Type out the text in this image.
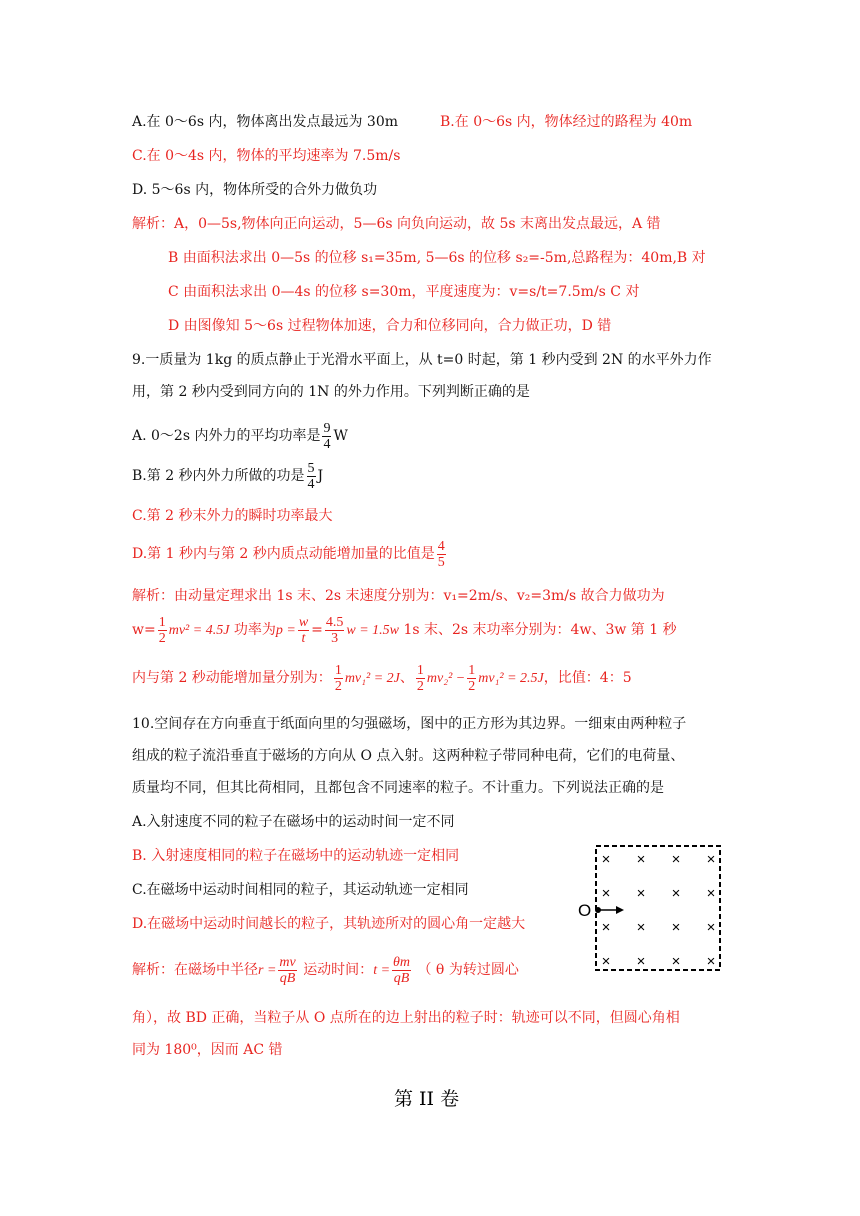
A.在 0～6s 内，物体离出发点最远为 30m	B.在 0～6s 内，物体经过的路程为 40m
C.在 0～4s 内，物体的平均速率为 7.5m/s
D. 5～6s 内，物体所受的合外力做负功
解析：A，0—5s,物体向正向运动，5—6s 向负向运动，故 5s 末离出发点最远，A 错
B 由面积法求出 0—5s 的位移 s₁=35m, 5—6s 的位移 s₂=-5m,总路程为：40m,B 对
C 由面积法求出 0—4s 的位移 s=30m，平度速度为：v=s/t=7.5m/s C 对
D 由图像知 5～6s 过程物体加速，合力和位移同向，合力做正功，D 错
9.一质量为 1kg 的质点静止于光滑水平面上，从 t=0 时起，第 1 秒内受到 2N 的水平外力作
用，第 2 秒内受到同方向的 1N 的外力作用。下列判断正确的是
A. 0～2s 内外力的平均功率是 $\frac{9}{4}$ W
B.第 2 秒内外力所做的功是 $\frac{5}{4}$ J
C.第 2 秒末外力的瞬时功率最大
D.第 1 秒内与第 2 秒内质点动能增加量的比值是 $\frac{4}{5}$
解析：由动量定理求出 1s 末、2s 末速度分别为：v₁=2m/s、v₂=3m/s 故合力做功为
$w= \frac{1}{2} mv^2 = 4.5J$ 功率为$p = \frac{w}{t} = \frac{4.5}{3}$ w = 1.5w 1s 末、2s 末功率分别为：4w、3w 第 1 秒
内与第 2 秒动能增加量分别为： $\frac{1}{2} mv_1^2 = 2J$、 $\frac{1}{2} mv_2^2 - \frac{1}{2} mv_1^2 = 2.5J$，比值：4：5
10.空间存在方向垂直于纸面向里的匀强磁场，图中的正方形为其边界。一细束由两种粒子
组成的粒子流沿垂直于磁场的方向从 O 点入射。这两种粒子带同种电荷，它们的电荷量、
质量均不同，但其比荷相同，且都包含不同速率的粒子。不计重力。下列说法正确的是
A.入射速度不同的粒子在磁场中的运动时间一定不同
B. 入射速度相同的粒子在磁场中的运动轨迹一定相同
C.在磁场中运动时间相同的粒子，其运动轨迹一定相同
D.在磁场中运动时间越长的粒子，其轨迹所对的圆心角一定越大
解析：在磁场中半径$r = \frac{mv}{qB}$ 运动时间：$t = \frac{\theta m}{qB}$ （ θ 为转过圆心
角），故 BD 正确，当粒子从 O 点所在的边上射出的粒子时：轨迹可以不同，但圆心角相
同为 180⁰，因而 AC 错
× × × ×
× × × ×
× × × ×
× × × ×
O
第 II 卷
